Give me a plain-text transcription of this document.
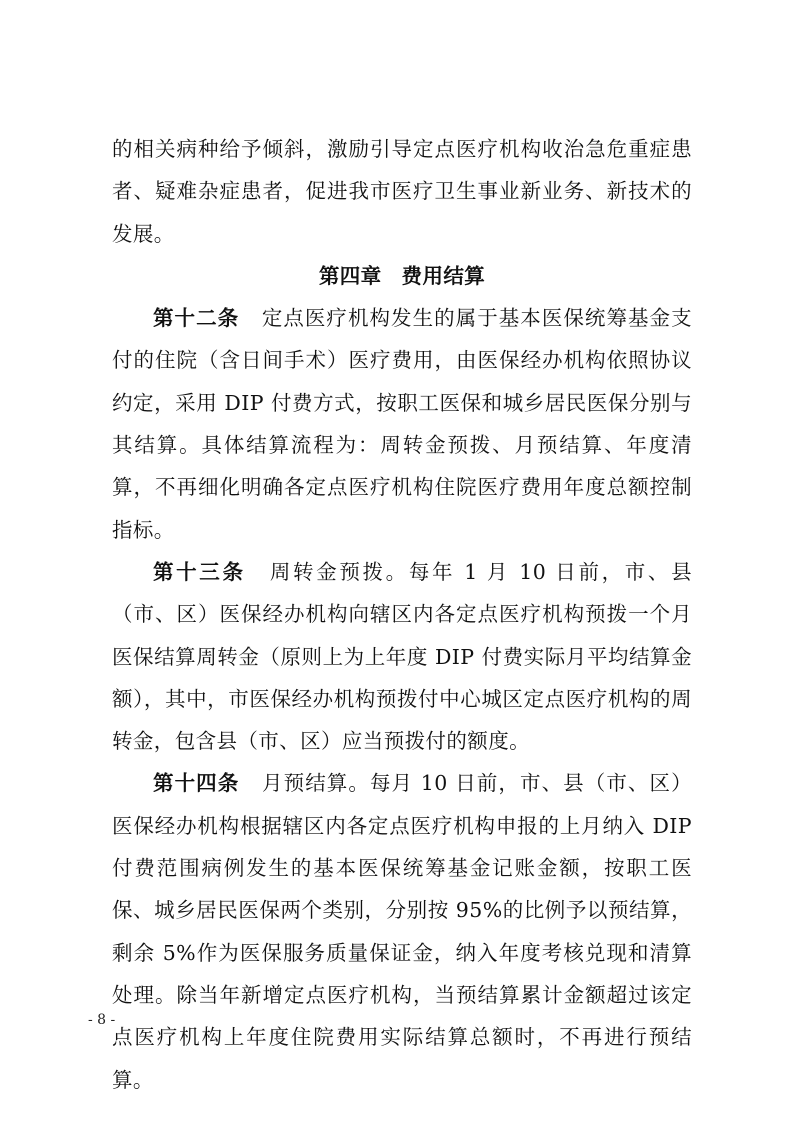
的相关病种给予倾斜，激励引导定点医疗机构收治急危重症患者、疑难杂症患者，促进我市医疗卫生事业新业务、新技术的发展。

第四章 费用结算

第十二条 定点医疗机构发生的属于基本医保统筹基金支付的住院（含日间手术）医疗费用，由医保经办机构依照协议约定，采用 DIP 付费方式，按职工医保和城乡居民医保分别与其结算。具体结算流程为：周转金预拨、月预结算、年度清算，不再细化明确各定点医疗机构住院医疗费用年度总额控制指标。

第十三条 周转金预拨。每年 1 月 10 日前，市、县（市、区）医保经办机构向辖区内各定点医疗机构预拨一个月医保结算周转金（原则上为上年度 DIP 付费实际月平均结算金额），其中，市医保经办机构预拨付中心城区定点医疗机构的周转金，包含县（市、区）应当预拨付的额度。

第十四条 月预结算。每月 10 日前，市、县（市、区）医保经办机构根据辖区内各定点医疗机构申报的上月纳入 DIP 付费范围病例发生的基本医保统筹基金记账金额，按职工医保、城乡居民医保两个类别，分别按 95%的比例予以预结算，剩余 5%作为医保服务质量保证金，纳入年度考核兑现和清算处理。除当年新增定点医疗机构，当预结算累计金额超过该定点医疗机构上年度住院费用实际结算总额时，不再进行预结算。

- 8 -
